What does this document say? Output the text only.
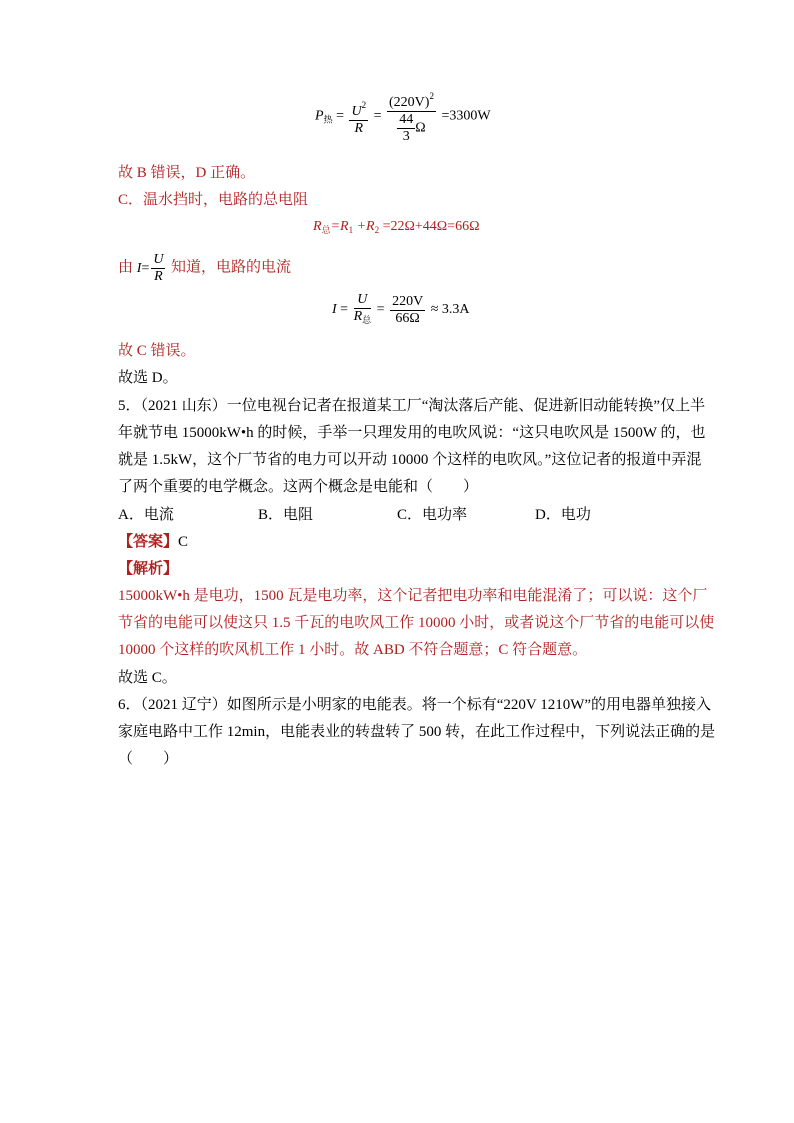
$P_热 = \frac{U^2}{R} = \frac{(220V)^2}{\frac{44}{3} \Omega} =3300W$
故 B 错误，D 正确。
C．温水挡时，电路的总电阻
$R_总=R_1 +R_2 =22\Omega+44\Omega=66\Omega$
由 $I= \frac{U}{R}$ 知道，电路的电流
$I = \frac{U}{R_总} = \frac{220V}{66\Omega} \approx 3.3A$
故 C 错误。
故选 D。
5．（2021 山东）一位电视台记者在报道某工厂“淘汰落后产能、促进新旧动能转换”仅上半
年就节电 15000kW•h 的时候，手举一只理发用的电吹风说：“这只电吹风是 1500W 的，也
就是 1.5kW，这个厂节省的电力可以开动 10000 个这样的电吹风。”这位记者的报道中弄混
了两个重要的电学概念。这两个概念是电能和（　　）
A．电流	B．电阻	C．电功率	D．电功
【答案】C
【解析】
15000kW•h 是电功，1500 瓦是电功率，这个记者把电功率和电能混淆了；可以说：这个厂
节省的电能可以使这只 1.5 千瓦的电吹风工作 10000 小时，或者说这个厂节省的电能可以使
10000 个这样的吹风机工作 1 小时。故 ABD 不符合题意；C 符合题意。
故选 C。
6．（2021 辽宁）如图所示是小明家的电能表。将一个标有“220V 1210W”的用电器单独接入
家庭电路中工作 12min，电能表业的转盘转了 500 转，在此工作过程中，下列说法正确的是
（　　）
